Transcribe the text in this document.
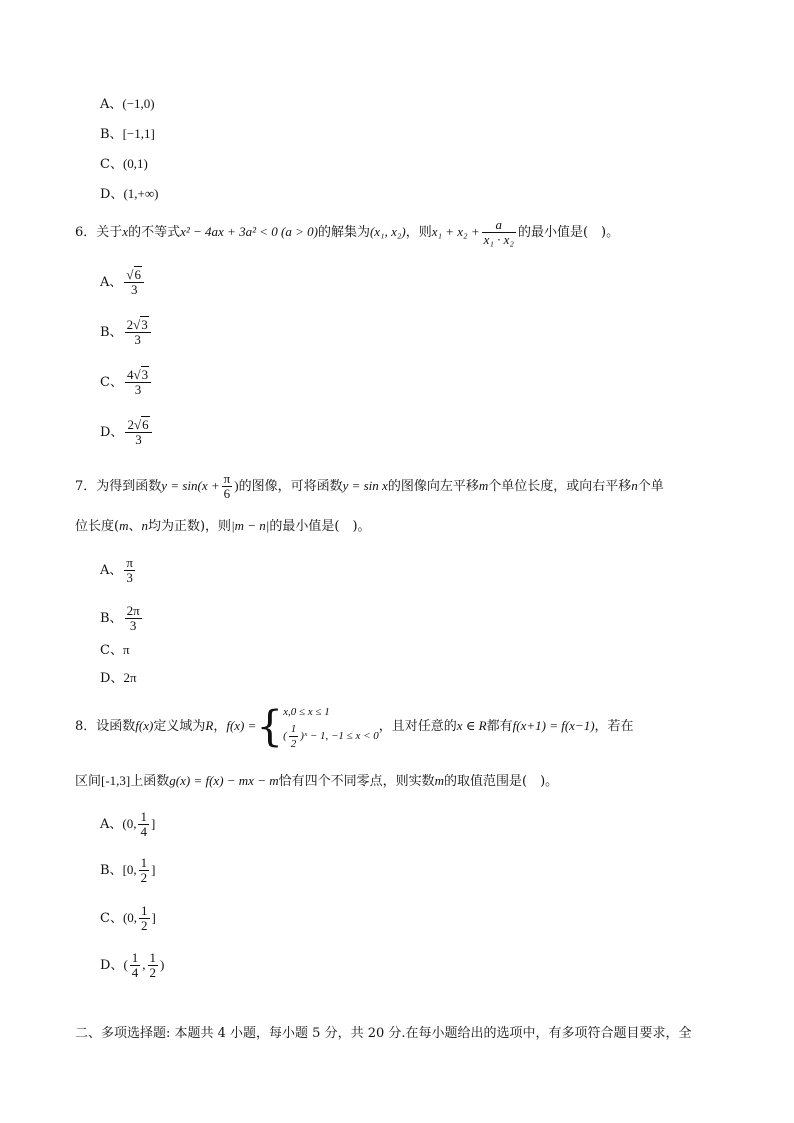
A、(−1,0)
B、[−1,1]
C、(0,1)
D、(1,+∞)
6．关于x的不等式x² − 4ax + 3a² < 0 (a > 0)的解集为(x₁, x₂)，则$x_1 + x_2 + \frac{a}{\text{x₁ · x₂}}$ 的最小值是(　)。
A、 $\frac{√6}{3}$
B、 $\frac{2√3}{3}$
C、 $\frac{4√3}{3}$
D、 $\frac{2√6}{3}$
7．为得到函数$y = \sin(x + \frac{\pi}{6}$ )的图像，可将函数y = sin x的图像向左平移m个单位长度，或向右平移n个单
位长度(m、n均为正数)，则|m − n|的最小值是(　)。
A、 $\frac{\pi}{3}$
B、 $\frac{2\pi}{3}$
C、π
D、2π
8．设函数f(x)定义域为R，f(x) ={ x,0 ≤ x ≤ 1
( $\frac{1}{2}$ )ˣ − 1, −1 ≤ x < 0
，且对任意的x ∈ R都有f(x+1) = f(x−1)，若在
区间[-1,3]上函数g(x) = f(x) − mx − m恰有四个不同零点，则实数m的取值范围是(　)。
A、(0, $\frac{1}{4}$ ]
B、[0, $\frac{1}{2}$ ]
C、(0, $\frac{1}{2}$ ]
D、( $\frac{1}{4}$ , $\frac{1}{2}$ )
二、多项选择题: 本题共 4 小题，每小题 5 分，共 20 分.在每小题给出的选项中，有多项符合题目要求，全
